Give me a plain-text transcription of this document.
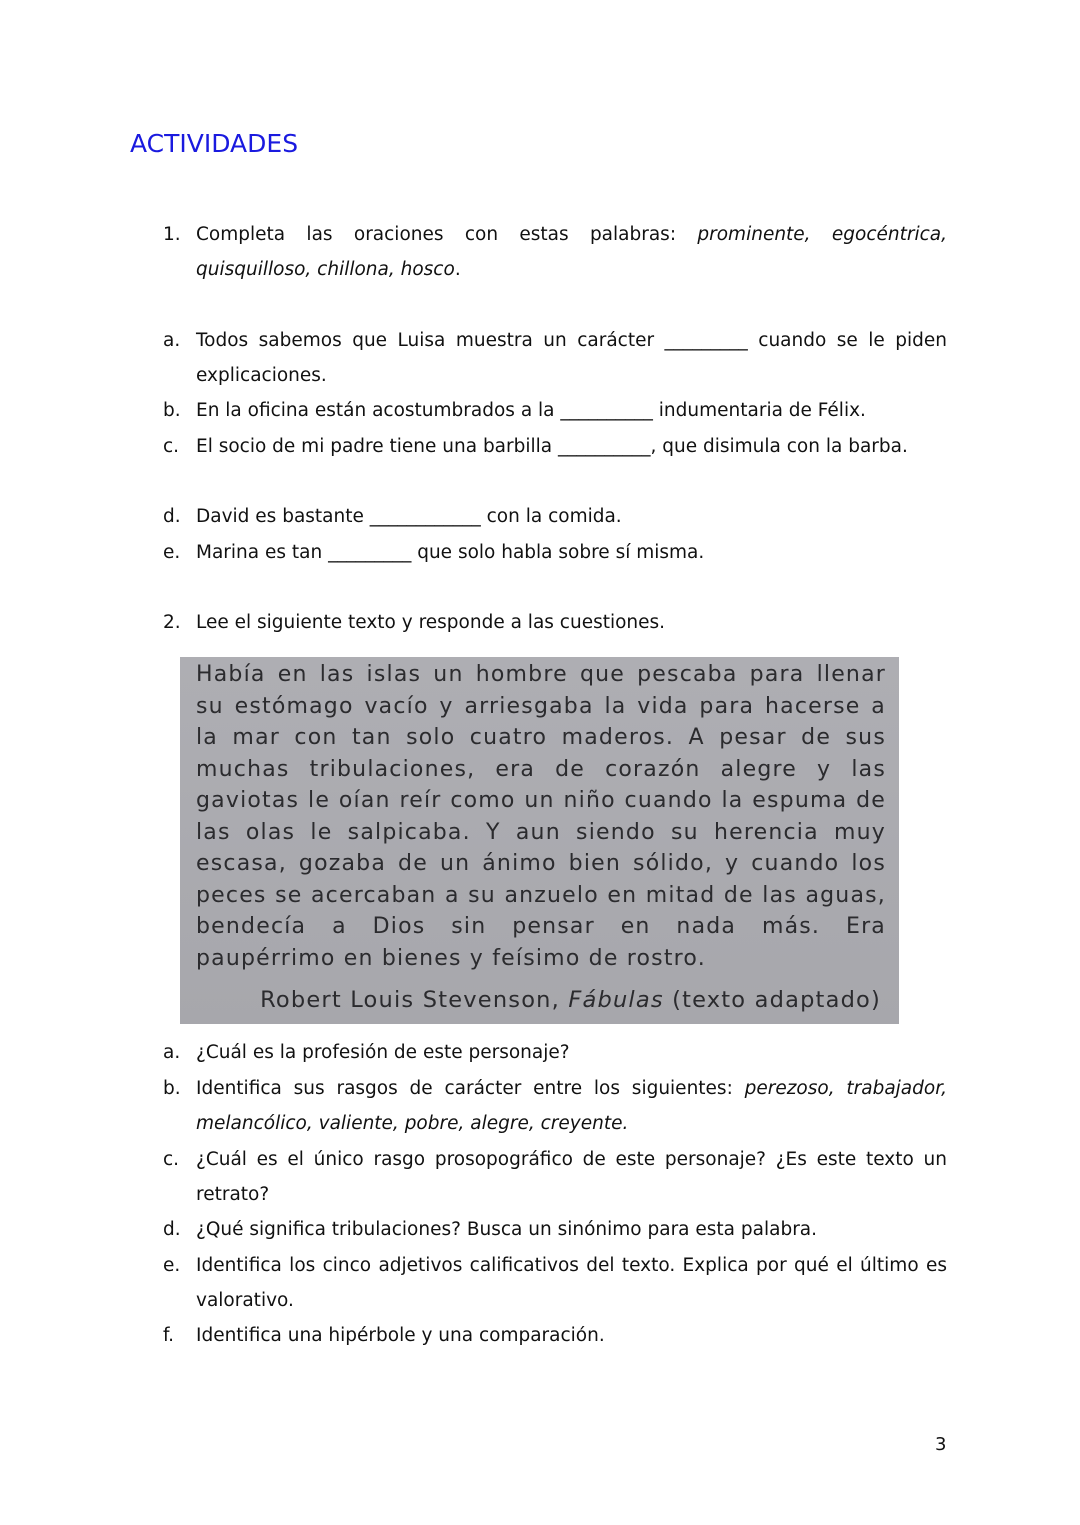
ACTIVIDADES
1. Completa las oraciones con estas palabras: prominente, egocéntrica, quisquilloso, chillona, hosco.
a. Todos sabemos que Luisa muestra un carácter _________ cuando se le piden explicaciones.
b. En la oficina están acostumbrados a la __________ indumentaria de Félix.
c. El socio de mi padre tiene una barbilla __________, que disimula con la barba.
d. David es bastante ____________ con la comida.
e. Marina es tan _________ que solo habla sobre sí misma.
2. Lee el siguiente texto y responde a las cuestiones.
Había en las islas un hombre que pescaba para llenar su estómago vacío y arriesgaba la vida para hacerse a la mar con tan solo cuatro maderos. A pesar de sus muchas tribulaciones, era de corazón alegre y las gaviotas le oían reír como un niño cuando la espuma de las olas le salpicaba. Y aun siendo su herencia muy escasa, gozaba de un ánimo bien sólido, y cuando los peces se acercaban a su anzuelo en mitad de las aguas, bendecía a Dios sin pensar en nada más. Era paupérrimo en bienes y feísimo de rostro.
Robert Louis Stevenson, Fábulas (texto adaptado)
a. ¿Cuál es la profesión de este personaje?
b. Identifica sus rasgos de carácter entre los siguientes: perezoso, trabajador, melancólico, valiente, pobre, alegre, creyente.
c. ¿Cuál es el único rasgo prosopográfico de este personaje? ¿Es este texto un retrato?
d. ¿Qué significa tribulaciones? Busca un sinónimo para esta palabra.
e. Identifica los cinco adjetivos calificativos del texto. Explica por qué el último es valorativo.
f. Identifica una hipérbole y una comparación.
3
